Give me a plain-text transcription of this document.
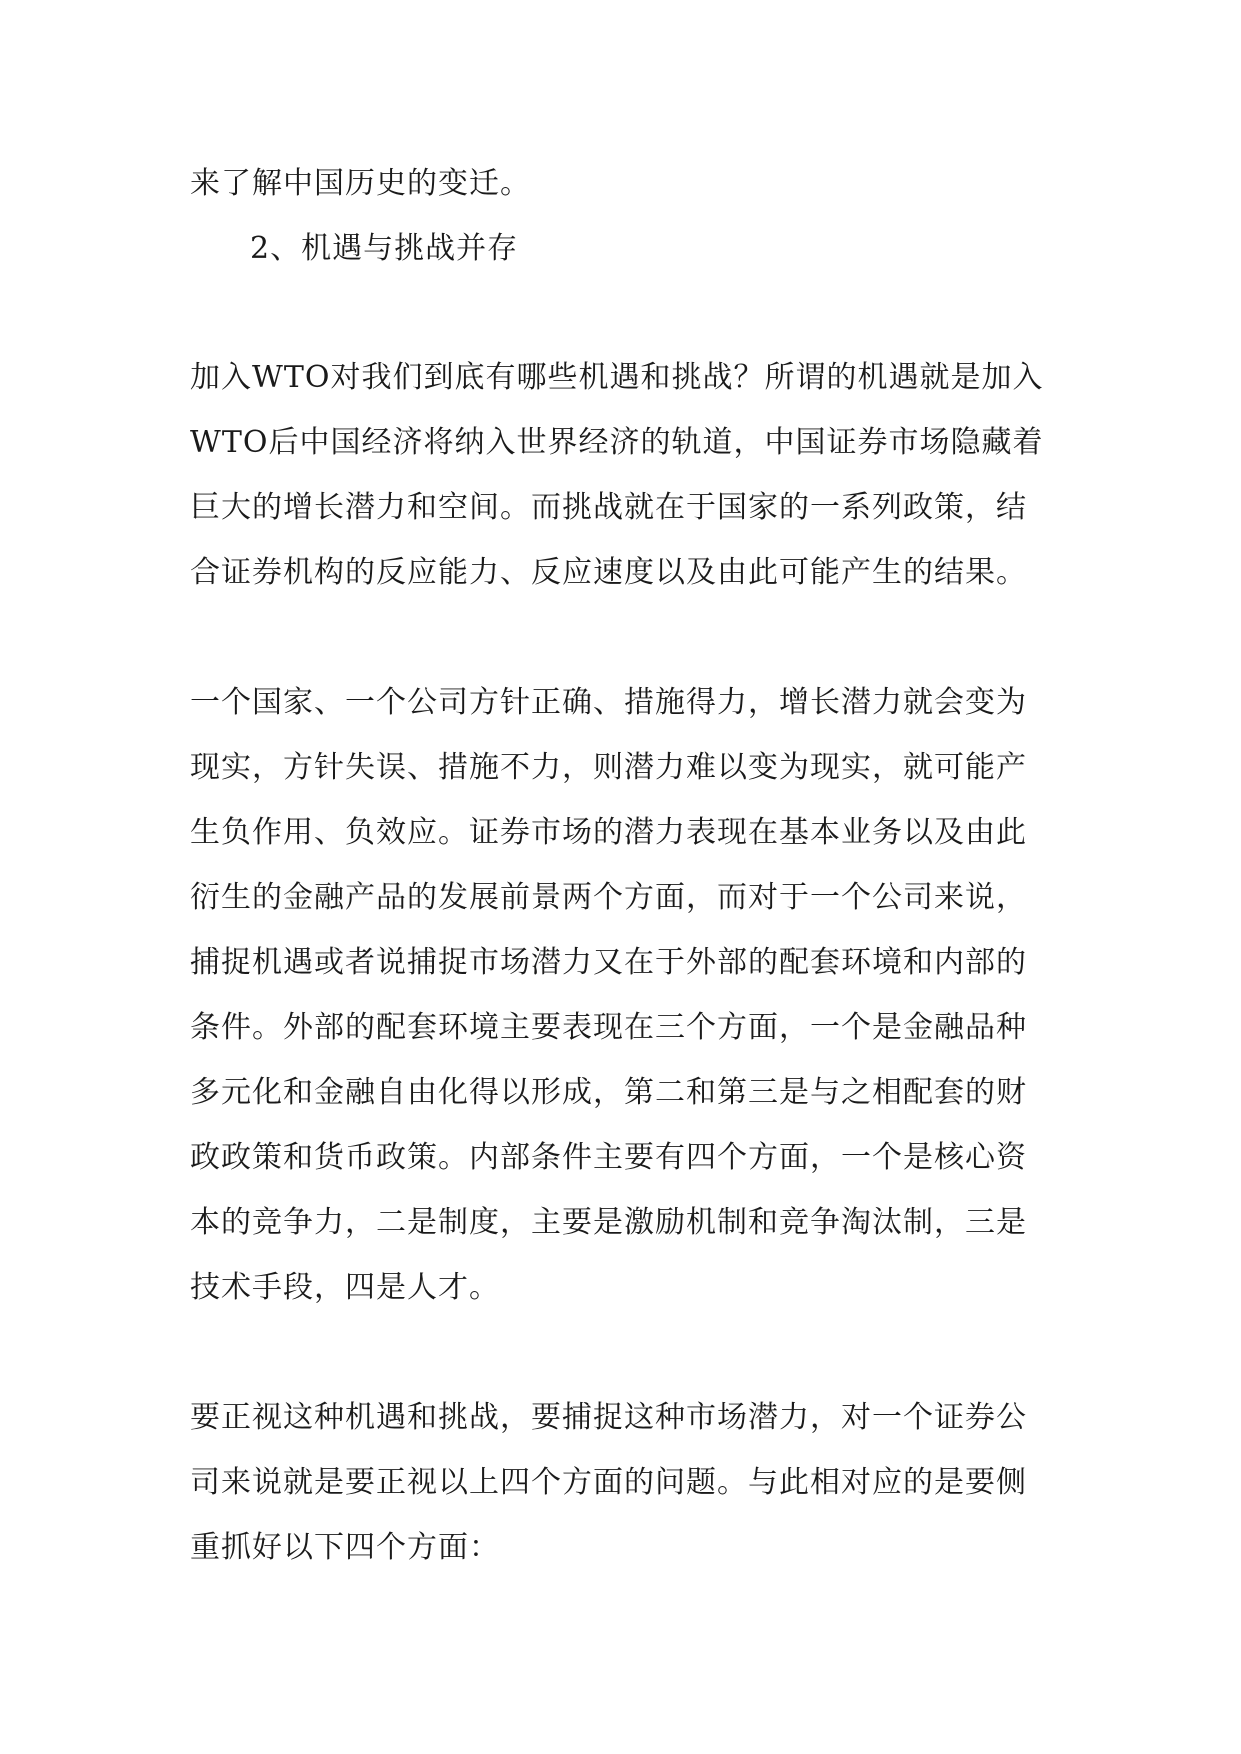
来了解中国历史的变迁。
2、机遇与挑战并存
加入WTO对我们到底有哪些机遇和挑战？所谓的机遇就是加入
WTO后中国经济将纳入世界经济的轨道，中国证券市场隐藏着
巨大的增长潜力和空间。而挑战就在于国家的一系列政策，结
合证券机构的反应能力、反应速度以及由此可能产生的结果。
一个国家、一个公司方针正确、措施得力，增长潜力就会变为
现实，方针失误、措施不力，则潜力难以变为现实，就可能产
生负作用、负效应。证券市场的潜力表现在基本业务以及由此
衍生的金融产品的发展前景两个方面，而对于一个公司来说，
捕捉机遇或者说捕捉市场潜力又在于外部的配套环境和内部的
条件。外部的配套环境主要表现在三个方面，一个是金融品种
多元化和金融自由化得以形成，第二和第三是与之相配套的财
政政策和货币政策。内部条件主要有四个方面，一个是核心资
本的竞争力，二是制度，主要是激励机制和竞争淘汰制，三是
技术手段，四是人才。
要正视这种机遇和挑战，要捕捉这种市场潜力，对一个证券公
司来说就是要正视以上四个方面的问题。与此相对应的是要侧
重抓好以下四个方面：
